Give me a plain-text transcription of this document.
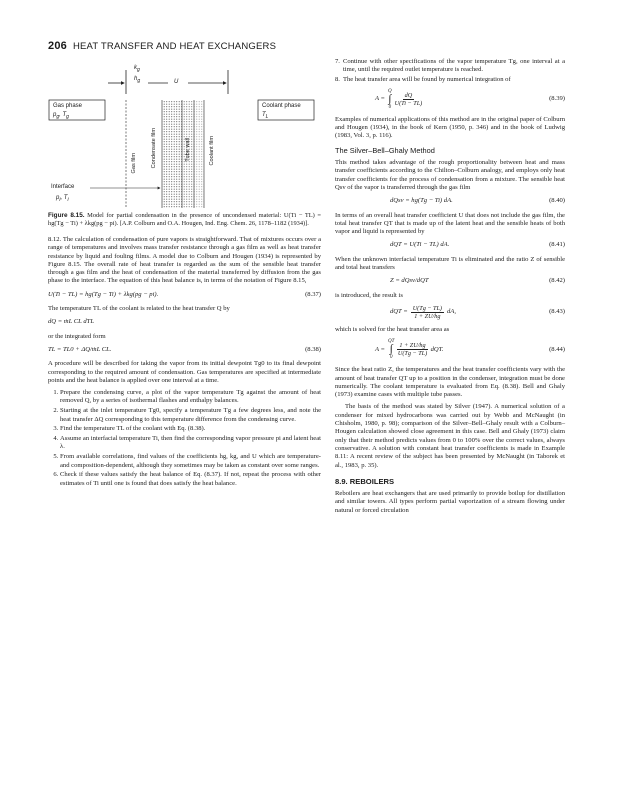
206 HEAT TRANSFER AND HEAT EXCHANGERS
$k_g$
$h_g$	U
Gas phase
$p_g$, $T_g$
Coolant phase
$T_L$
Gas film	Condensate film	Tube wall	Coolant film
Interface
$p_i$, $T_i$
Figure 8.15. Model for partial condensation in the presence of uncondensed material: U(Ti − TL) = hg(Tg − Ti) + λkg(pg − pi). [A.P. Colburn and O.A. Hougen, Ind. Eng. Chem. 26, 1178–1182 (1934)].

8.12. The calculation of condensation of pure vapors is straightforward. That of mixtures occurs over a range of temperatures and involves mass transfer resistance through a gas film as well as heat transfer resistance by liquid and fouling films. A model due to Colburn and Hougen (1934) is represented by Figure 8.15. The overall rate of heat transfer is regarded as the sum of the sensible heat transfer through a gas film and the heat of condensation of the material transferred by diffusion from the gas phase to the interface. The equation of this heat balance is, in terms of the notation of Figure 8.15,

U(Ti − TL) = hg(Tg − Ti) + λkg(pg − pi).	(8.37)

The temperature TL of the coolant is related to the heat transfer Q by

dQ = ṁL CL dTL

or the integrated form

TL = TL0 + ΔQ/ṁL CL.	(8.38)

A procedure will be described for taking the vapor from its initial dewpoint Tg0 to its final dewpoint corresponding to the required amount of condensation. Gas temperatures are specified at intermediate points and the heat balance is applied over one interval at a time.

1. Prepare the condensing curve, a plot of the vapor temperature Tg against the amount of heat removed Q, by a series of isothermal flashes and enthalpy balances.
2. Starting at the inlet temperature Tg0, specify a temperature Tg a few degrees less, and note the heat transfer ΔQ corresponding to this temperature difference from the condensing curve.
3. Find the temperature TL of the coolant with Eq. (8.38).
4. Assume an interfacial temperature Ti, then find the corresponding vapor pressure pi and latent heat λ.
5. From available correlations, find values of the coefficients hg, kg, and U which are temperature- and composition-dependent, although they sometimes may be taken as constant over some ranges.
6. Check if these values satisfy the heat balance of Eq. (8.37). If not, repeat the process with other estimates of Ti until one is found that does satisfy the heat balance.
7. Continue with other specifications of the vapor temperature Tg, one interval at a time, until the required outlet temperature is reached.
8. The heat transfer area will be found by numerical integration of
A =
Q
∫
0
$\frac{dQ}{U(Ti - TL)}$	(8.39)

Examples of numerical applications of this method are in the original paper of Colburn and Hougen (1934), in the book of Kern (1950, p. 346) and in the book of Ludwig (1983, Vol. 3, p. 116).

The Silver–Bell–Ghaly Method

This method takes advantage of the rough proportionality between heat and mass transfer coefficients according to the Chilton–Colburn analogy, and employs only heat transfer coefficients for the process of condensation from a mixture. The sensible heat Qsv of the vapor is transferred through the gas film

dQsv = hg(Tg − Ti) dA.	(8.40)

In terms of an overall heat transfer coefficient U that does not include the gas film, the total heat transfer QT that is made up of the latent heat and the sensible heats of both vapor and liquid is represented by

dQT = U(Ti − TL) dA.	(8.41)

When the unknown interfacial temperature Ti is eliminated and the ratio Z of sensible and total heat transfers

Z = dQsv/dQT	(8.42)

is introduced, the result is

dQT = $\frac{U(Tg - TL)}{1 + ZU/hg}$ dA,	(8.43)

which is solved for the heat transfer area as

A =
QT
∫
0
$\frac{1 + ZU/hg}{U(Tg - TL)}$ dQT.	(8.44)

Since the heat ratio Z, the temperatures and the heat transfer coefficients vary with the amount of heat transfer QT up to a position in the condenser, integration must be done numerically. The coolant temperature is evaluated from Eq. (8.38). Bell and Ghaly (1973) examine cases with multiple tube passes.

The basis of the method was stated by Silver (1947). A numerical solution of a condenser for mixed hydrocarbons was carried out by Webb and McNaught (in Chisholm, 1980, p. 98); comparison of the Silver–Bell–Ghaly result with a Colburn–Hougen calculation showed close agreement in this case. Bell and Ghaly (1973) claim only that their method predicts values from 0 to 100% over the correct values, always conservative. A solution with constant heat transfer coefficients is made in Example 8.11: A recent review of the subject has been presented by McNaught (in Taborek et al., 1983, p. 35).

8.9. REBOILERS

Reboilers are heat exchangers that are used primarily to provide boilup for distillation and similar towers. All types perform partial vaporization of a stream flowing under natural or forced circulation
